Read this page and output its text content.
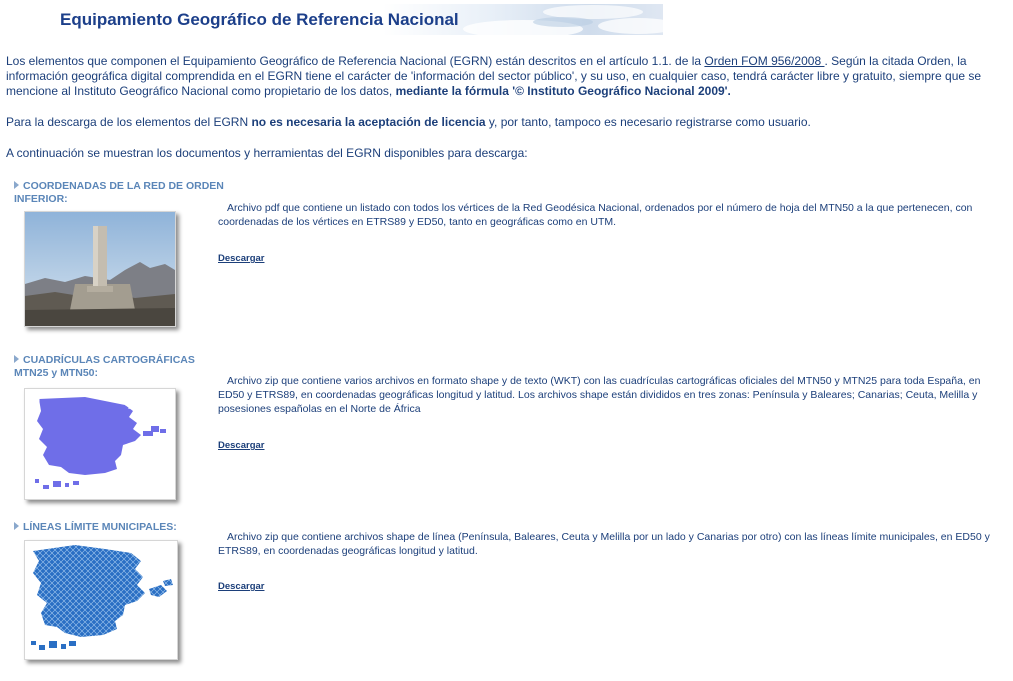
Equipamiento Geográfico de Referencia Nacional

Los elementos que componen el Equipamiento Geográfico de Referencia Nacional (EGRN) están descritos en el artículo 1.1. de la Orden FOM 956/2008 . Según la citada Orden, la información geográfica digital comprendida en el EGRN tiene el carácter de 'información del sector público', y su uso, en cualquier caso, tendrá carácter libre y gratuito, siempre que se mencione al Instituto Geográfico Nacional como propietario de los datos, mediante la fórmula '© Instituto Geográfico Nacional 2009'.

Para la descarga de los elementos del EGRN no es necesaria la aceptación de licencia y, por tanto, tampoco es necesario registrarse como usuario.

A continuación se muestran los documentos y herramientas del EGRN disponibles para descarga:

COORDENADAS DE LA RED DE ORDEN INFERIOR:

Archivo pdf que contiene un listado con todos los vértices de la Red Geodésica Nacional, ordenados por el número de hoja del MTN50 a la que pertenecen, con coordenadas de los vértices en ETRS89 y ED50, tanto en geográficas como en UTM.

Descargar

CUADRÍCULAS CARTOGRÁFICAS MTN25 y MTN50:

Archivo zip que contiene varios archivos en formato shape y de texto (WKT) con las cuadrículas cartográficas oficiales del MTN50 y MTN25 para toda España, en ED50 y ETRS89, en coordenadas geográficas longitud y latitud. Los archivos shape están divididos en tres zonas: Península y Baleares; Canarias; Ceuta, Melilla y posesiones españolas en el Norte de África

Descargar

LÍNEAS LÍMITE MUNICIPALES:

Archivo zip que contiene archivos shape de línea (Península, Baleares, Ceuta y Melilla por un lado y Canarias por otro) con las líneas límite municipales, en ED50 y ETRS89, en coordenadas geográficas longitud y latitud.

Descargar
